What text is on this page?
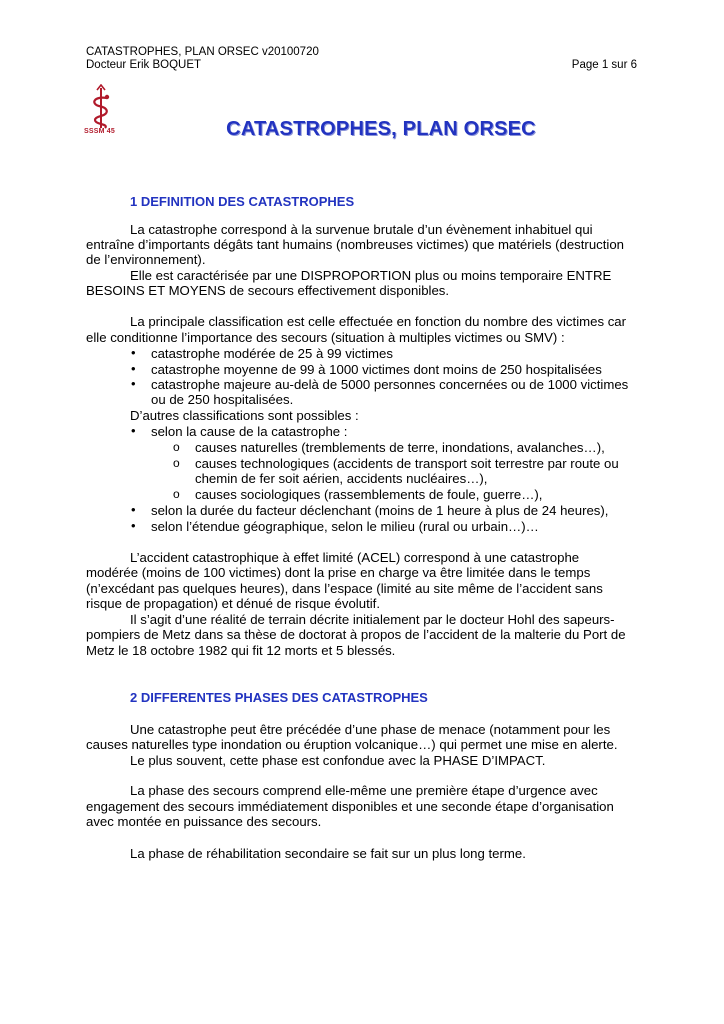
CATASTROPHES, PLAN ORSEC v20100720
Docteur Erik BOQUET	Page 1 sur 6
SSSM 45	CATASTROPHES, PLAN ORSEC
1 DEFINITION DES CATASTROPHES
La catastrophe correspond à la survenue brutale d’un évènement inhabituel qui
entraîne d’importants dégâts tant humains (nombreuses victimes) que matériels (destruction
de l’environnement).
Elle est caractérisée par une DISPROPORTION plus ou moins temporaire ENTRE
BESOINS ET MOYENS de secours effectivement disponibles.
La principale classification est celle effectuée en fonction du nombre des victimes car
elle conditionne l’importance des secours (situation à multiples victimes ou SMV) :
• catastrophe modérée de 25 à 99 victimes
• catastrophe moyenne de 99 à 1000 victimes dont moins de 250 hospitalisées
• catastrophe majeure au-delà de 5000 personnes concernées ou de 1000 victimes
ou de 250 hospitalisées.
D’autres classifications sont possibles :
• selon la cause de la catastrophe :
o causes naturelles (tremblements de terre, inondations, avalanches…),
o causes technologiques (accidents de transport soit terrestre par route ou
chemin de fer soit aérien, accidents nucléaires…),
o causes sociologiques (rassemblements de foule, guerre…),
• selon la durée du facteur déclenchant (moins de 1 heure à plus de 24 heures),
• selon l’étendue géographique, selon le milieu (rural ou urbain…)…
L’accident catastrophique à effet limité (ACEL) correspond à une catastrophe
modérée (moins de 100 victimes) dont la prise en charge va être limitée dans le temps
(n’excédant pas quelques heures), dans l’espace (limité au site même de l’accident sans
risque de propagation) et dénué de risque évolutif.
Il s’agit d’une réalité de terrain décrite initialement par le docteur Hohl des sapeurs-
pompiers de Metz dans sa thèse de doctorat à propos de l’accident de la malterie du Port de
Metz le 18 octobre 1982 qui fit 12 morts et 5 blessés.
2 DIFFERENTES PHASES DES CATASTROPHES
Une catastrophe peut être précédée d’une phase de menace (notamment pour les
causes naturelles type inondation ou éruption volcanique…) qui permet une mise en alerte.
Le plus souvent, cette phase est confondue avec la PHASE D’IMPACT.
La phase des secours comprend elle-même une première étape d’urgence avec
engagement des secours immédiatement disponibles et une seconde étape d’organisation
avec montée en puissance des secours.
La phase de réhabilitation secondaire se fait sur un plus long terme.
